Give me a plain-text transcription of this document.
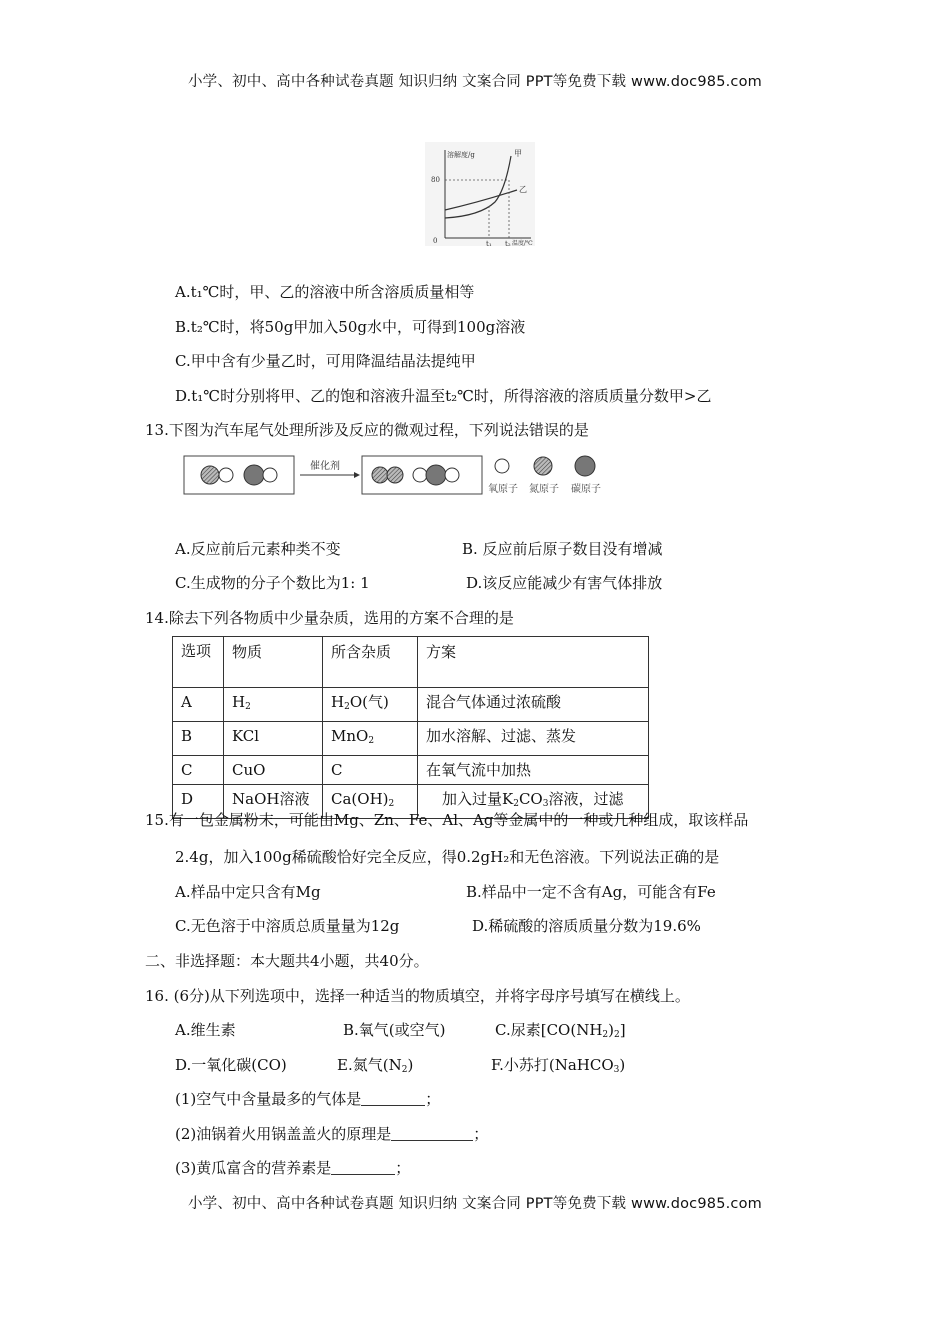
小学、初中、高中各种试卷真题 知识归纳 文案合同 PPT等免费下载 www.doc985.com
溶解度/g
80
0
甲
乙
t₁ t₂ 温度/℃
A.t₁℃时，甲、乙的溶液中所含溶质质量相等
B.t₂℃时，将50g甲加入50g水中，可得到100g溶液
C.甲中含有少量乙时，可用降温结晶法提纯甲
D.t₁℃时分别将甲、乙的饱和溶液升温至t₂℃时，所得溶液的溶质质量分数甲>乙
13.下图为汽车尾气处理所涉及反应的微观过程，下列说法错误的是
催化剂
氧原子 氮原子 碳原子
A.反应前后元素种类不变	B. 反应前后原子数目没有增减
C.生成物的分子个数比为1: 1	D.该反应能减少有害气体排放
14.除去下列各物质中少量杂质，选用的方案不合理的是
选项	物质	所含杂质	方案
A	$H_2$	$H_2O$(气)	混合气体通过浓硫酸
B	KCl	MnO$_2$	加水溶解、过滤、蒸发
C	CuO	C	在氧气流中加热
D	NaOH溶液	$Ca(OH)_2$	加入过量$K_2CO_3$溶液，过滤
15.有一包金属粉末，可能由Mg、Zn、Fe、Al、Ag等金属中的一种或几种组成，取该样品
2.4g，加入100g稀硫酸恰好完全反应，得0.2gH₂和无色溶液。下列说法正确的是
A.样品中定只含有Mg	B.样品中一定不含有Ag，可能含有Fe
C.无色溶于中溶质总质量量为12g	D.稀硫酸的溶质质量分数为19.6%
二、非选择题：本大题共4小题，共40分。
16. (6分)从下列选项中，选择一种适当的物质填空，并将字母序号填写在横线上。
A.维生素	B.氧气(或空气)	C.尿素$[CO(NH_2)_2]$
D.一氧化碳(CO)	E.氮气$(N_2)$	F.小苏打(NaHCO$_3$)
(1)空气中含量最多的气体是	；
(2)油锅着火用锅盖盖火的原理是	；
(3)黄瓜富含的营养素是	；
小学、初中、高中各种试卷真题 知识归纳 文案合同 PPT等免费下载 www.doc985.com
